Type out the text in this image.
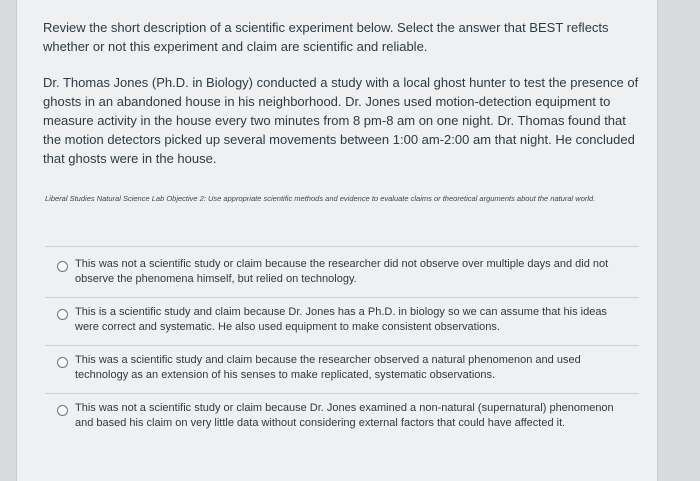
Review the short description of a scientific experiment below. Select the answer that BEST reflects whether or not this experiment and claim are scientific and reliable.
Dr. Thomas Jones (Ph.D. in Biology) conducted a study with a local ghost hunter to test the presence of ghosts in an abandoned house in his neighborhood. Dr. Jones used motion-detection equipment to measure activity in the house every two minutes from 8 pm-8 am on one night. Dr. Thomas found that the motion detectors picked up several movements between 1:00 am-2:00 am that night. He concluded that ghosts were in the house.
Liberal Studies Natural Science Lab Objective 2: Use appropriate scientific methods and evidence to evaluate claims or theoretical arguments about the natural world.
This was not a scientific study or claim because the researcher did not observe over multiple days and did not observe the phenomena himself, but relied on technology.
This is a scientific study and claim because Dr. Jones has a Ph.D. in biology so we can assume that his ideas were correct and systematic. He also used equipment to make consistent observations.
This was a scientific study and claim because the researcher observed a natural phenomenon and used technology as an extension of his senses to make replicated, systematic observations.
This was not a scientific study or claim because Dr. Jones examined a non-natural (supernatural) phenomenon and based his claim on very little data without considering external factors that could have affected it.
